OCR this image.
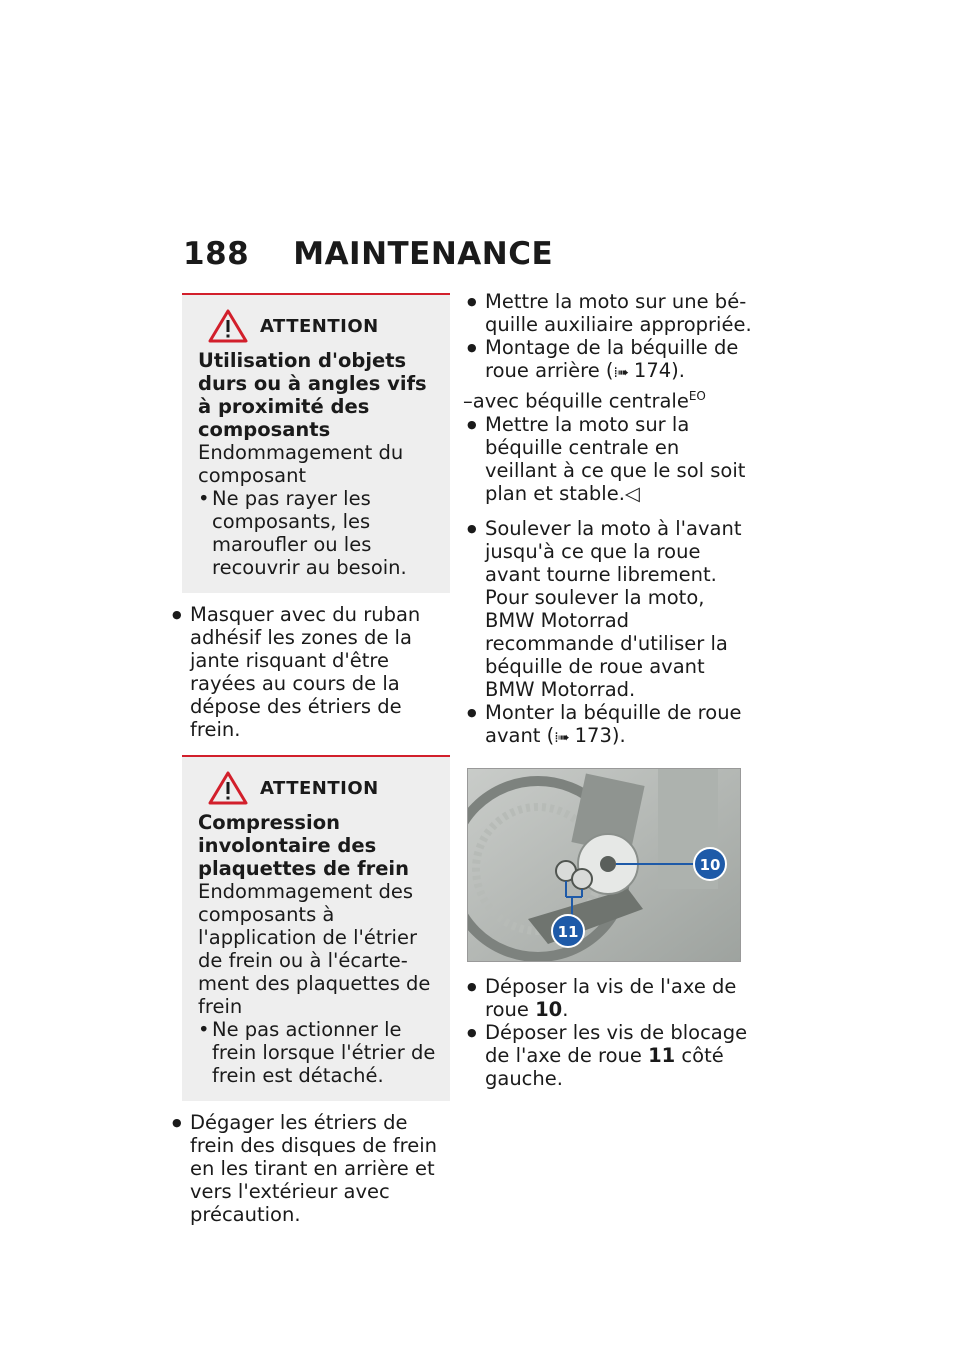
188 MAINTENANCE
ATTENTION
Utilisation d'objets durs ou à angles vifs à proximité des composants
Endommagement du composant
• Ne pas rayer les composants, les maroufler ou les recouvrir au besoin.
● Masquer avec du ruban adhésif les zones de la jante risquant d'être rayées au cours de la dépose des étriers de frein.
ATTENTION
Compression involontaire des plaquettes de frein
Endommagement des composants à l'application de l'étrier de frein ou à l'écartement des plaquettes de frein
• Ne pas actionner le frein lorsque l'étrier de frein est détaché.
● Dégager les étriers de frein des disques de frein en les tirant en arrière et vers l'extérieur avec précaution.
● Mettre la moto sur une béquille auxiliaire appropriée.
● Montage de la béquille de roue arrière (⁞➠ 174).
–avec béquille centrale$^{EO}$
● Mettre la moto sur la béquille centrale en veillant à ce que le sol soit plan et stable.◁
● Soulever la moto à l'avant jusqu'à ce que la roue avant tourne librement.
Pour soulever la moto, BMW Motorrad recommande d'utiliser la béquille de roue avant BMW Motorrad.
● Monter la béquille de roue avant (⁞➠ 173).
10
11
● Déposer la vis de l'axe de roue 10.
● Déposer les vis de blocage de l'axe de roue 11 côté gauche.
